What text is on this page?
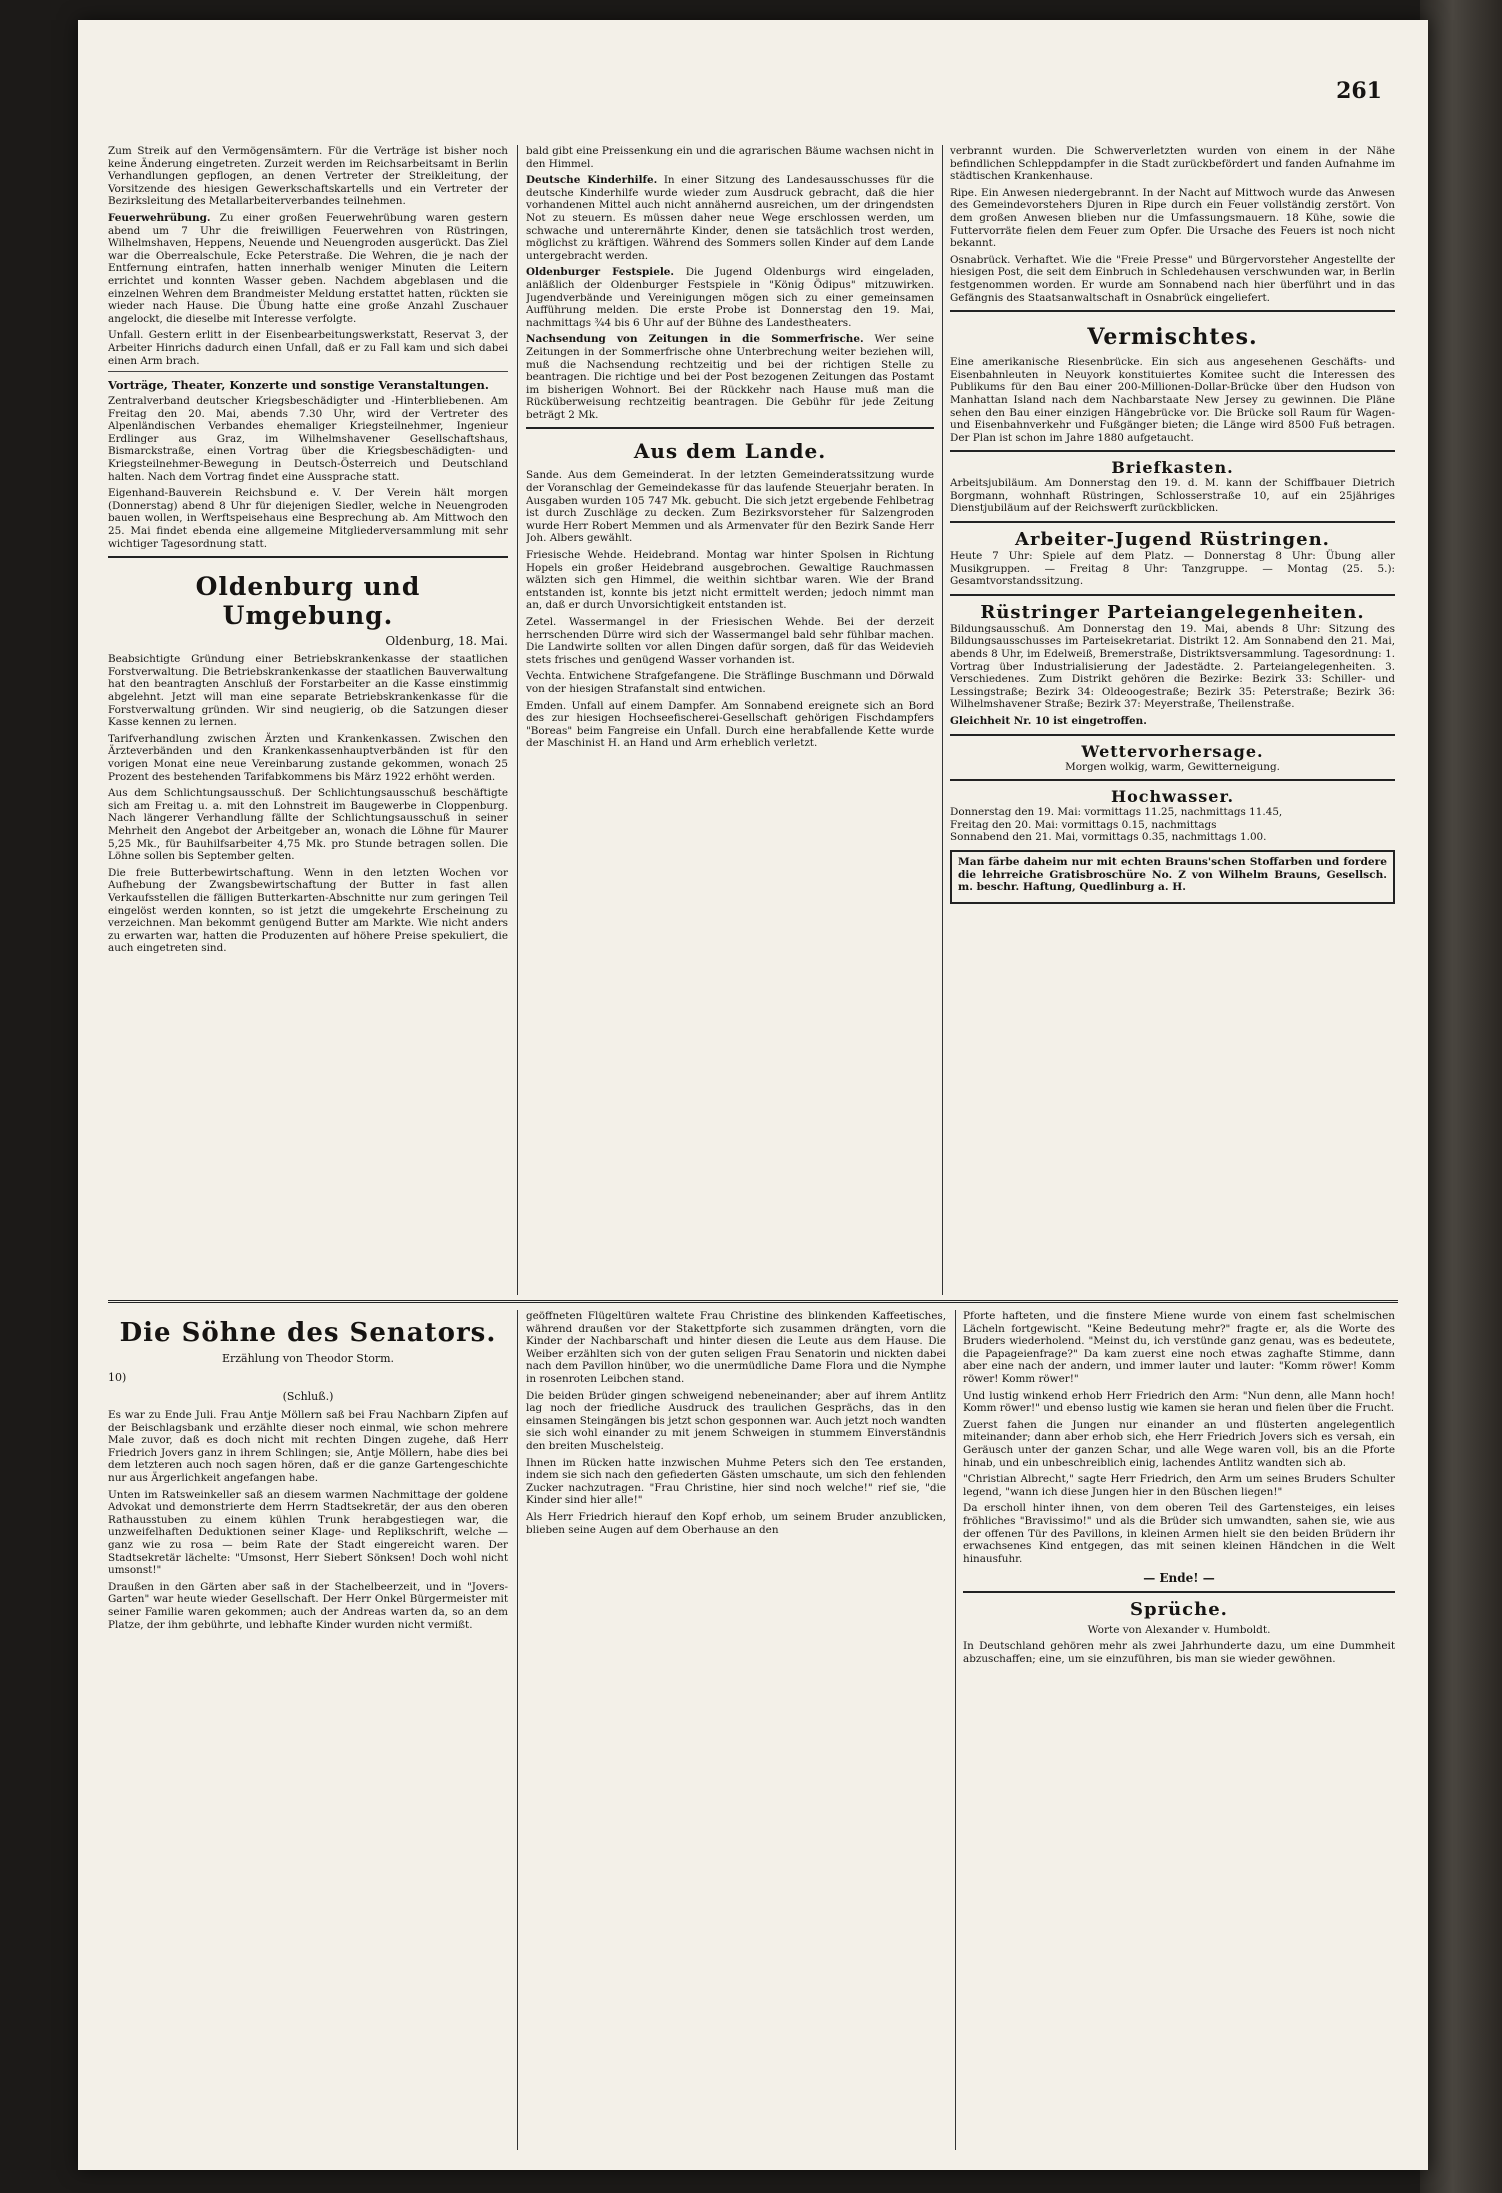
261

Zum Streik auf den Vermögensämtern. Für die Verträge ist bisher noch keine Änderung eingetreten. Zurzeit werden im Reichsarbeitsamt in Berlin Verhandlungen gepflogen, an denen Vertreter der Streikleitung, der Vorsitzende des hiesigen Gewerkschaftskartells und ein Vertreter der Bezirksleitung des Metallarbeiterverbandes teilnehmen.

Feuerwehrübung. Zu einer großen Feuerwehrübung waren gestern abend um 7 Uhr die freiwilligen Feuerwehren von Rüstringen, Wilhelmshaven, Heppens, Neuende und Neuengroden ausgerückt. Das Ziel war die Oberrealschule, Ecke Peterstraße. Die Wehren, die je nach der Entfernung eintrafen, hatten innerhalb weniger Minuten die Leitern errichtet und konnten Wasser geben. Nachdem abgeblasen und die einzelnen Wehren dem Brandmeister Meldung erstattet hatten, rückten sie wieder nach Hause. Die Übung hatte eine große Anzahl Zuschauer angelockt, die dieselbe mit Interesse verfolgte.

Unfall. Gestern erlitt in der Eisenbearbeitungswerkstatt, Reservat 3, der Arbeiter Hinrichs dadurch einen Unfall, daß er zu Fall kam und sich dabei einen Arm brach.

Vorträge, Theater, Konzerte und sonstige Veranstaltungen.

Zentralverband deutscher Kriegsbeschädigter und -Hinterbliebenen. Am Freitag den 20. Mai, abends 7.30 Uhr, wird der Vertreter des Alpenländischen Verbandes ehemaliger Kriegsteilnehmer, Ingenieur Erdlinger aus Graz, im Wilhelmshavener Gesellschaftshaus, Bismarckstraße, einen Vortrag über die Kriegsbeschädigten- und Kriegsteilnehmer-Bewegung in Deutsch-Österreich und Deutschland halten. Nach dem Vortrag findet eine Aussprache statt.

Eigenhand-Bauverein Reichsbund e. V. Der Verein hält morgen (Donnerstag) abend 8 Uhr für diejenigen Siedler, welche in Neuengroden bauen wollen, in Werftspeisehaus eine Besprechung ab. Am Mittwoch den 25. Mai findet ebenda eine allgemeine Mitgliederversammlung mit sehr wichtiger Tagesordnung statt.

Oldenburg und Umgebung.
Oldenburg, 18. Mai.

Beabsichtigte Gründung einer Betriebskrankenkasse der staatlichen Forstverwaltung. Die Betriebskrankenkasse der staatlichen Bauverwaltung hat den beantragten Anschluß der Forstarbeiter an die Kasse einstimmig abgelehnt. Jetzt will man eine separate Betriebskrankenkasse für die Forstverwaltung gründen. Wir sind neugierig, ob die Satzungen dieser Kasse kennen zu lernen.

Tarifverhandlung zwischen Ärzten und Krankenkassen. Zwischen den Ärzteverbänden und den Krankenkassenhauptverbänden ist für den vorigen Monat eine neue Vereinbarung zustande gekommen, wonach 25 Prozent des bestehenden Tarifabkommens bis März 1922 erhöht werden.

Aus dem Schlichtungsausschuß. Der Schlichtungsausschuß beschäftigte sich am Freitag u. a. mit den Lohnstreit im Baugewerbe in Cloppenburg. Nach längerer Verhandlung fällte der Schlichtungsausschuß in seiner Mehrheit den Angebot der Arbeitgeber an, wonach die Löhne für Maurer 5,25 Mk., für Bauhilfsarbeiter 4,75 Mk. pro Stunde betragen sollen. Die Löhne sollen bis September gelten.

Die freie Butterbewirtschaftung. Wenn in den letzten Wochen vor Aufhebung der Zwangsbewirtschaftung der Butter in fast allen Verkaufsstellen die fälligen Butterkarten-Abschnitte nur zum geringen Teil eingelöst werden konnten, so ist jetzt die umgekehrte Erscheinung zu verzeichnen. Man bekommt genügend Butter am Markte. Wie nicht anders zu erwarten war, hatten die Produzenten auf höhere Preise spekuliert, die auch eingetreten sind.

bald gibt eine Preissenkung ein und die agrarischen Bäume wachsen nicht in den Himmel.

Deutsche Kinderhilfe. In einer Sitzung des Landesausschusses für die deutsche Kinderhilfe wurde wieder zum Ausdruck gebracht, daß die hier vorhandenen Mittel auch nicht annähernd ausreichen, um der dringendsten Not zu steuern. Es müssen daher neue Wege erschlossen werden, um schwache und unterernährte Kinder, denen sie tatsächlich trost werden, möglichst zu kräftigen. Während des Sommers sollen Kinder auf dem Lande untergebracht werden.

Oldenburger Festspiele. Die Jugend Oldenburgs wird eingeladen, anläßlich der Oldenburger Festspiele in "König Ödipus" mitzuwirken. Jugendverbände und Vereinigungen mögen sich zu einer gemeinsamen Aufführung melden. Die erste Probe ist Donnerstag den 19. Mai, nachmittags ¾4 bis 6 Uhr auf der Bühne des Landestheaters.

Nachsendung von Zeitungen in die Sommerfrische. Wer seine Zeitungen in der Sommerfrische ohne Unterbrechung weiter beziehen will, muß die Nachsendung rechtzeitig und bei der richtigen Stelle zu beantragen. Die richtige und bei der Post bezogenen Zeitungen das Postamt im bisherigen Wohnort. Bei der Rückkehr nach Hause muß man die Rücküberweisung rechtzeitig beantragen. Die Gebühr für jede Zeitung beträgt 2 Mk.

Aus dem Lande.

Sande. Aus dem Gemeinderat. In der letzten Gemeinderatssitzung wurde der Voranschlag der Gemeindekasse für das laufende Steuerjahr beraten. In Ausgaben wurden 105 747 Mk. gebucht. Die sich jetzt ergebende Fehlbetrag ist durch Zuschläge zu decken. Zum Bezirksvorsteher für Salzengroden wurde Herr Robert Memmen und als Armenvater für den Bezirk Sande Herr Joh. Albers gewählt.

Friesische Wehde. Heidebrand. Montag war hinter Spolsen in Richtung Hopels ein großer Heidebrand ausgebrochen. Gewaltige Rauchmassen wälzten sich gen Himmel, die weithin sichtbar waren. Wie der Brand entstanden ist, konnte bis jetzt nicht ermittelt werden; jedoch nimmt man an, daß er durch Unvorsichtigkeit entstanden ist.

Zetel. Wassermangel in der Friesischen Wehde. Bei der derzeit herrschenden Dürre wird sich der Wassermangel bald sehr fühlbar machen. Die Landwirte sollten vor allen Dingen dafür sorgen, daß für das Weidevieh stets frisches und genügend Wasser vorhanden ist.

Vechta. Entwichene Strafgefangene. Die Sträflinge Buschmann und Dörwald von der hiesigen Strafanstalt sind entwichen.

Emden. Unfall auf einem Dampfer. Am Sonnabend ereignete sich an Bord des zur hiesigen Hochseefischerei-Gesellschaft gehörigen Fischdampfers "Boreas" beim Fangreise ein Unfall. Durch eine herabfallende Kette wurde der Maschinist H. an Hand und Arm erheblich verletzt.

verbrannt wurden. Die Schwerverletzten wurden von einem in der Nähe befindlichen Schleppdampfer in die Stadt zurückbefördert und fanden Aufnahme im städtischen Krankenhause.

Ripe. Ein Anwesen niedergebrannt. In der Nacht auf Mittwoch wurde das Anwesen des Gemeindevorstehers Djuren in Ripe durch ein Feuer vollständig zerstört. Von dem großen Anwesen blieben nur die Umfassungsmauern. 18 Kühe, sowie die Futtervorräte fielen dem Feuer zum Opfer. Die Ursache des Feuers ist noch nicht bekannt.

Osnabrück. Verhaftet. Wie die "Freie Presse" und Bürgervorsteher Angestellte der hiesigen Post, die seit dem Einbruch in Schledehausen verschwunden war, in Berlin festgenommen worden. Er wurde am Sonnabend nach hier überführt und in das Gefängnis des Staatsanwaltschaft in Osnabrück eingeliefert.

Vermischtes.

Eine amerikanische Riesenbrücke. Ein sich aus angesehenen Geschäfts- und Eisenbahnleuten in Neuyork konstituiertes Komitee sucht die Interessen des Publikums für den Bau einer 200-Millionen-Dollar-Brücke über den Hudson von Manhattan Island nach dem Nachbarstaate New Jersey zu gewinnen. Die Pläne sehen den Bau einer einzigen Hängebrücke vor. Die Brücke soll Raum für Wagen- und Eisenbahnverkehr und Fußgänger bieten; die Länge wird 8500 Fuß betragen. Der Plan ist schon im Jahre 1880 aufgetaucht.

Briefkasten.

Arbeitsjubiläum. Am Donnerstag den 19. d. M. kann der Schiffbauer Dietrich Borgmann, wohnhaft Rüstringen, Schlosserstraße 10, auf ein 25jähriges Dienstjubiläum auf der Reichswerft zurückblicken.

Arbeiter-Jugend Rüstringen.

Heute 7 Uhr: Spiele auf dem Platz. — Donnerstag 8 Uhr: Übung aller Musikgruppen. — Freitag 8 Uhr: Tanzgruppe. — Montag (25. 5.): Gesamtvorstandssitzung.

Rüstringer Parteiangelegenheiten.

Bildungsausschuß. Am Donnerstag den 19. Mai, abends 8 Uhr: Sitzung des Bildungsausschusses im Parteisekretariat. Distrikt 12. Am Sonnabend den 21. Mai, abends 8 Uhr, im Edelweiß, Bremerstraße, Distriktsversammlung. Tagesordnung: 1. Vortrag über Industrialisierung der Jadestädte. 2. Parteiangelegenheiten. 3. Verschiedenes. Zum Distrikt gehören die Bezirke: Bezirk 33: Schiller- und Lessingstraße; Bezirk 34: Oldeoogestraße; Bezirk 35: Peterstraße; Bezirk 36: Wilhelmshavener Straße; Bezirk 37: Meyerstraße, Theilenstraße.

Gleichheit Nr. 10 ist eingetroffen.

Wettervorhersage.

Morgen wolkig, warm, Gewitterneigung.

Hochwasser.

Donnerstag den 19. Mai: vormittags 11.25, nachmittags 11.45,

Freitag den 20. Mai: vormittags 0.15, nachmittags

Sonnabend den 21. Mai, vormittags 0.35, nachmittags 1.00.

Man färbe daheim nur mit echten Brauns'schen Stoffarben und fordere die lehrreiche Gratisbroschüre No. Z von Wilhelm Brauns, Gesellsch. m. beschr. Haftung, Quedlinburg a. H.

Die Söhne des Senators.
Erzählung von Theodor Storm.
10)
(Schluß.)

Es war zu Ende Juli. Frau Antje Möllern saß bei Frau Nachbarn Zipfen auf der Beischlagsbank und erzählte dieser noch einmal, wie schon mehrere Male zuvor, daß es doch nicht mit rechten Dingen zugehe, daß Herr Friedrich Jovers ganz in ihrem Schlingen; sie, Antje Möllern, habe dies bei dem letzteren auch noch sagen hören, daß er die ganze Gartengeschichte nur aus Ärgerlichkeit angefangen habe.

Unten im Ratsweinkeller saß an diesem warmen Nachmittage der goldene Advokat und demonstrierte dem Herrn Stadtsekretär, der aus den oberen Rathausstuben zu einem kühlen Trunk herabgestiegen war, die unzweifelhaften Deduktionen seiner Klage- und Replikschrift, welche — ganz wie zu rosa — beim Rate der Stadt eingereicht waren. Der Stadtsekretär lächelte: "Umsonst, Herr Siebert Sönksen! Doch wohl nicht umsonst!"

Draußen in den Gärten aber saß in der Stachelbeerzeit, und in "Jovers-Garten" war heute wieder Gesellschaft. Der Herr Onkel Bürgermeister mit seiner Familie waren gekommen; auch der Andreas warten da, so an dem Platze, der ihm gebührte, und lebhafte Kinder wurden nicht vermißt.

geöffneten Flügeltüren waltete Frau Christine des blinkenden Kaffeetisches, während draußen vor der Stakettpforte sich zusammen drängten, vorn die Kinder der Nachbarschaft und hinter diesen die Leute aus dem Hause. Die Weiber erzählten sich von der guten seligen Frau Senatorin und nickten dabei nach dem Pavillon hinüber, wo die unermüdliche Dame Flora und die Nymphe in rosenroten Leibchen stand.

Die beiden Brüder gingen schweigend nebeneinander; aber auf ihrem Antlitz lag noch der friedliche Ausdruck des traulichen Gesprächs, das in den einsamen Steingängen bis jetzt schon gesponnen war. Auch jetzt noch wandten sie sich wohl einander zu mit jenem Schweigen in stummem Einverständnis den breiten Muschelsteig.

Ihnen im Rücken hatte inzwischen Muhme Peters sich den Tee erstanden, indem sie sich nach den gefiederten Gästen umschaute, um sich den fehlenden Zucker nachzutragen. "Frau Christine, hier sind noch welche!" rief sie, "die Kinder sind hier alle!"

Als Herr Friedrich hierauf den Kopf erhob, um seinem Bruder anzublicken, blieben seine Augen auf dem Oberhause an den

Pforte hafteten, und die finstere Miene wurde von einem fast schelmischen Lächeln fortgewischt. "Keine Bedeutung mehr?" fragte er, als die Worte des Bruders wiederholend. "Meinst du, ich verstünde ganz genau, was es bedeutete, die Papageienfrage?" Da kam zuerst eine noch etwas zaghafte Stimme, dann aber eine nach der andern, und immer lauter und lauter: "Komm röwer! Komm röwer! Komm röwer!"

Und lustig winkend erhob Herr Friedrich den Arm: "Nun denn, alle Mann hoch! Komm röwer!" und ebenso lustig wie kamen sie heran und fielen über die Frucht.

Zuerst fahen die Jungen nur einander an und flüsterten angelegentlich miteinander; dann aber erhob sich, ehe Herr Friedrich Jovers sich es versah, ein Geräusch unter der ganzen Schar, und alle Wege waren voll, bis an die Pforte hinab, und ein unbeschreiblich einig, lachendes Antlitz wandten sich ab.

"Christian Albrecht," sagte Herr Friedrich, den Arm um seines Bruders Schulter legend, "wann ich diese Jungen hier in den Büschen liegen!"

Da erscholl hinter ihnen, von dem oberen Teil des Gartensteiges, ein leises fröhliches "Bravissimo!" und als die Brüder sich umwandten, sahen sie, wie aus der offenen Tür des Pavillons, in kleinen Armen hielt sie den beiden Brüdern ihr erwachsenes Kind entgegen, das mit seinen kleinen Händchen in die Welt hinausfuhr.

— Ende! —
Sprüche.
Worte von Alexander v. Humboldt.

In Deutschland gehören mehr als zwei Jahrhunderte dazu, um eine Dummheit abzuschaffen; eine, um sie einzuführen, bis man sie wieder gewöhnen.
